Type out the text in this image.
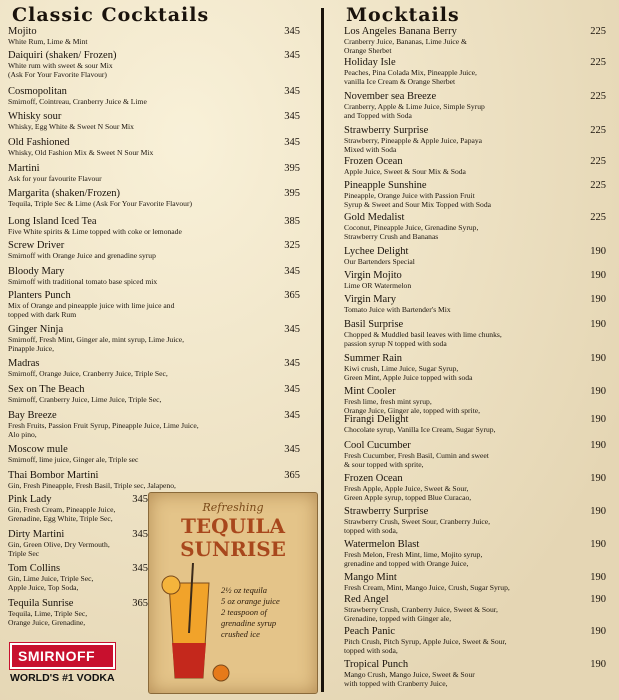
Classic Cocktails
Mojito
White Rum, Lime & Mint
345
Daiquiri (shaken/ Frozen)
White rum with sweet & sour Mix
(Ask For Your Favorite Flavour)
345
Cosmopolitan
Smirnoff, Cointreau, Cranberry Juice & Lime
345
Whisky sour
Whisky, Egg White & Sweet N Sour Mix
345
Old Fashioned
Whisky, Old Fashion Mix & Sweet N Sour Mix
345
Martini
Ask for your favourite Flavour
395
Margarita (shaken/Frozen)
Tequila, Triple Sec & Lime (Ask For Your Favorite Flavour)
395
Long Island Iced Tea
Five White spirits & Lime topped with coke or lemonade
385
Screw Driver
Smirnoff with Orange Juice and grenadine syrup
325
Bloody Mary
Smirnoff with traditional tomato base spiced mix
345
Planters Punch
Mix of Orange and pineapple juice with lime juice and
topped with dark Rum
365
Ginger Ninja
Smirnoff, Fresh Mint, Ginger ale, mint syrup, Lime Juice,
Pinapple Juice,
345
Madras
Smirnoff, Orange Juice, Cranberry Juice, Triple Sec,
345
Sex on The Beach
Smirnoff, Cranberry Juice, Lime Juice, Triple Sec,
345
Bay Breeze
Fresh Fruits, Passion Fruit Syrup, Pineapple Juice, Lime Juice,
Alo pino,
345
Moscow mule
Smirnoff, lime juice, Ginger ale, Triple sec
345
Thai Bombor Martini
Gin, Fresh Pineapple, Fresh Basil, Triple sec, Jalapeno,
365
Pink Lady
Gin, Fresh Cream, Pineapple Juice,
Grenadine, Egg White, Triple Sec,
345
Dirty Martini
Gin, Green Olive, Dry Vermouth,
Triple Sec
345
Tom Collins
Gin, Lime Juice, Triple Sec,
Apple Juice, Top Soda,
345
Tequila Sunrise
Tequila, Lime, Triple Sec,
Orange Juice, Grenadine,
365
Mocktails
Los Angeles Banana Berry
Cranberry Juice, Bananas, Lime Juice &
Orange Sherbet
225
Holiday Isle
Peaches, Pina Colada Mix, Pineapple Juice,
vanilla Ice Cream & Orange Sherbet
225
November sea Breeze
Cranberry, Apple & Lime Juice, Simple Syrup
and Topped with Soda
225
Strawberry Surprise
Strawberry, Pineapple & Apple Juice, Papaya
Mixed with Soda
225
Frozen Ocean
Apple Juice, Sweet & Sour Mix & Soda
225
Pineapple Sunshine
Pineapple, Orange Juice with Passion Fruit
Syrup & Sweet and Sour Mix Topped with Soda
225
Gold Medalist
Coconut, Pineapple Juice, Grenadine Syrup,
Strawberry Crush and Bananas
225
Lychee Delight
Our Bartenders Special
190
Virgin Mojito
Lime OR Watermelon
190
Virgin Mary
Tomato Juice with Bartender's Mix
190
Basil Surprise
Chopped & Muddled basil leaves with lime chunks,
passion syrup N topped with soda
190
Summer Rain
Kiwi crush, Lime Juice, Sugar Syrup,
Green Mint, Apple Juice topped with soda
190
Mint Cooler
Fresh lime, fresh mint syrup,
Orange Juice, Ginger ale, topped with sprite,
190
Firangi Delight
Chocolate syrup, Vanilla Ice Cream, Sugar Syrup,
190
Cool Cucumber
Fresh Cucumber, Fresh Basil, Cumin and sweet
& sour topped with sprite,
190
Frozen Ocean
Fresh Apple, Apple Juice, Sweet & Sour,
Green Apple syrup, topped Blue Curacao,
190
Strawberry Surprise
Strawberry Crush, Sweet Sour, Cranberry Juice,
topped with soda,
190
Watermelon Blast
Fresh Melon, Fresh Mint, lime, Mojito syrup,
grenadine and topped with Orange Juice,
190
Mango Mint
Fresh Cream, Mint, Mango Juice, Crush, Sugar Syrup,
190
Red Angel
Strawberry Crush, Cranberry Juice, Sweet & Sour,
Grenadine, topped with Ginger ale,
190
Peach Panic
Pitch Crush, Pitch Syrup, Apple Juice, Sweet & Sour,
topped with soda,
190
Tropical Punch
Mango Crush, Mango Juice, Sweet & Sour
with topped with Cranberry Juice,
190
Refreshing
TEQUILA
SUNRISE
2½ oz tequila
5 oz orange juice
2 teaspoon of
grenadine syrup
crushed ice
SMIRNOFF
WORLD'S #1 VODKA
